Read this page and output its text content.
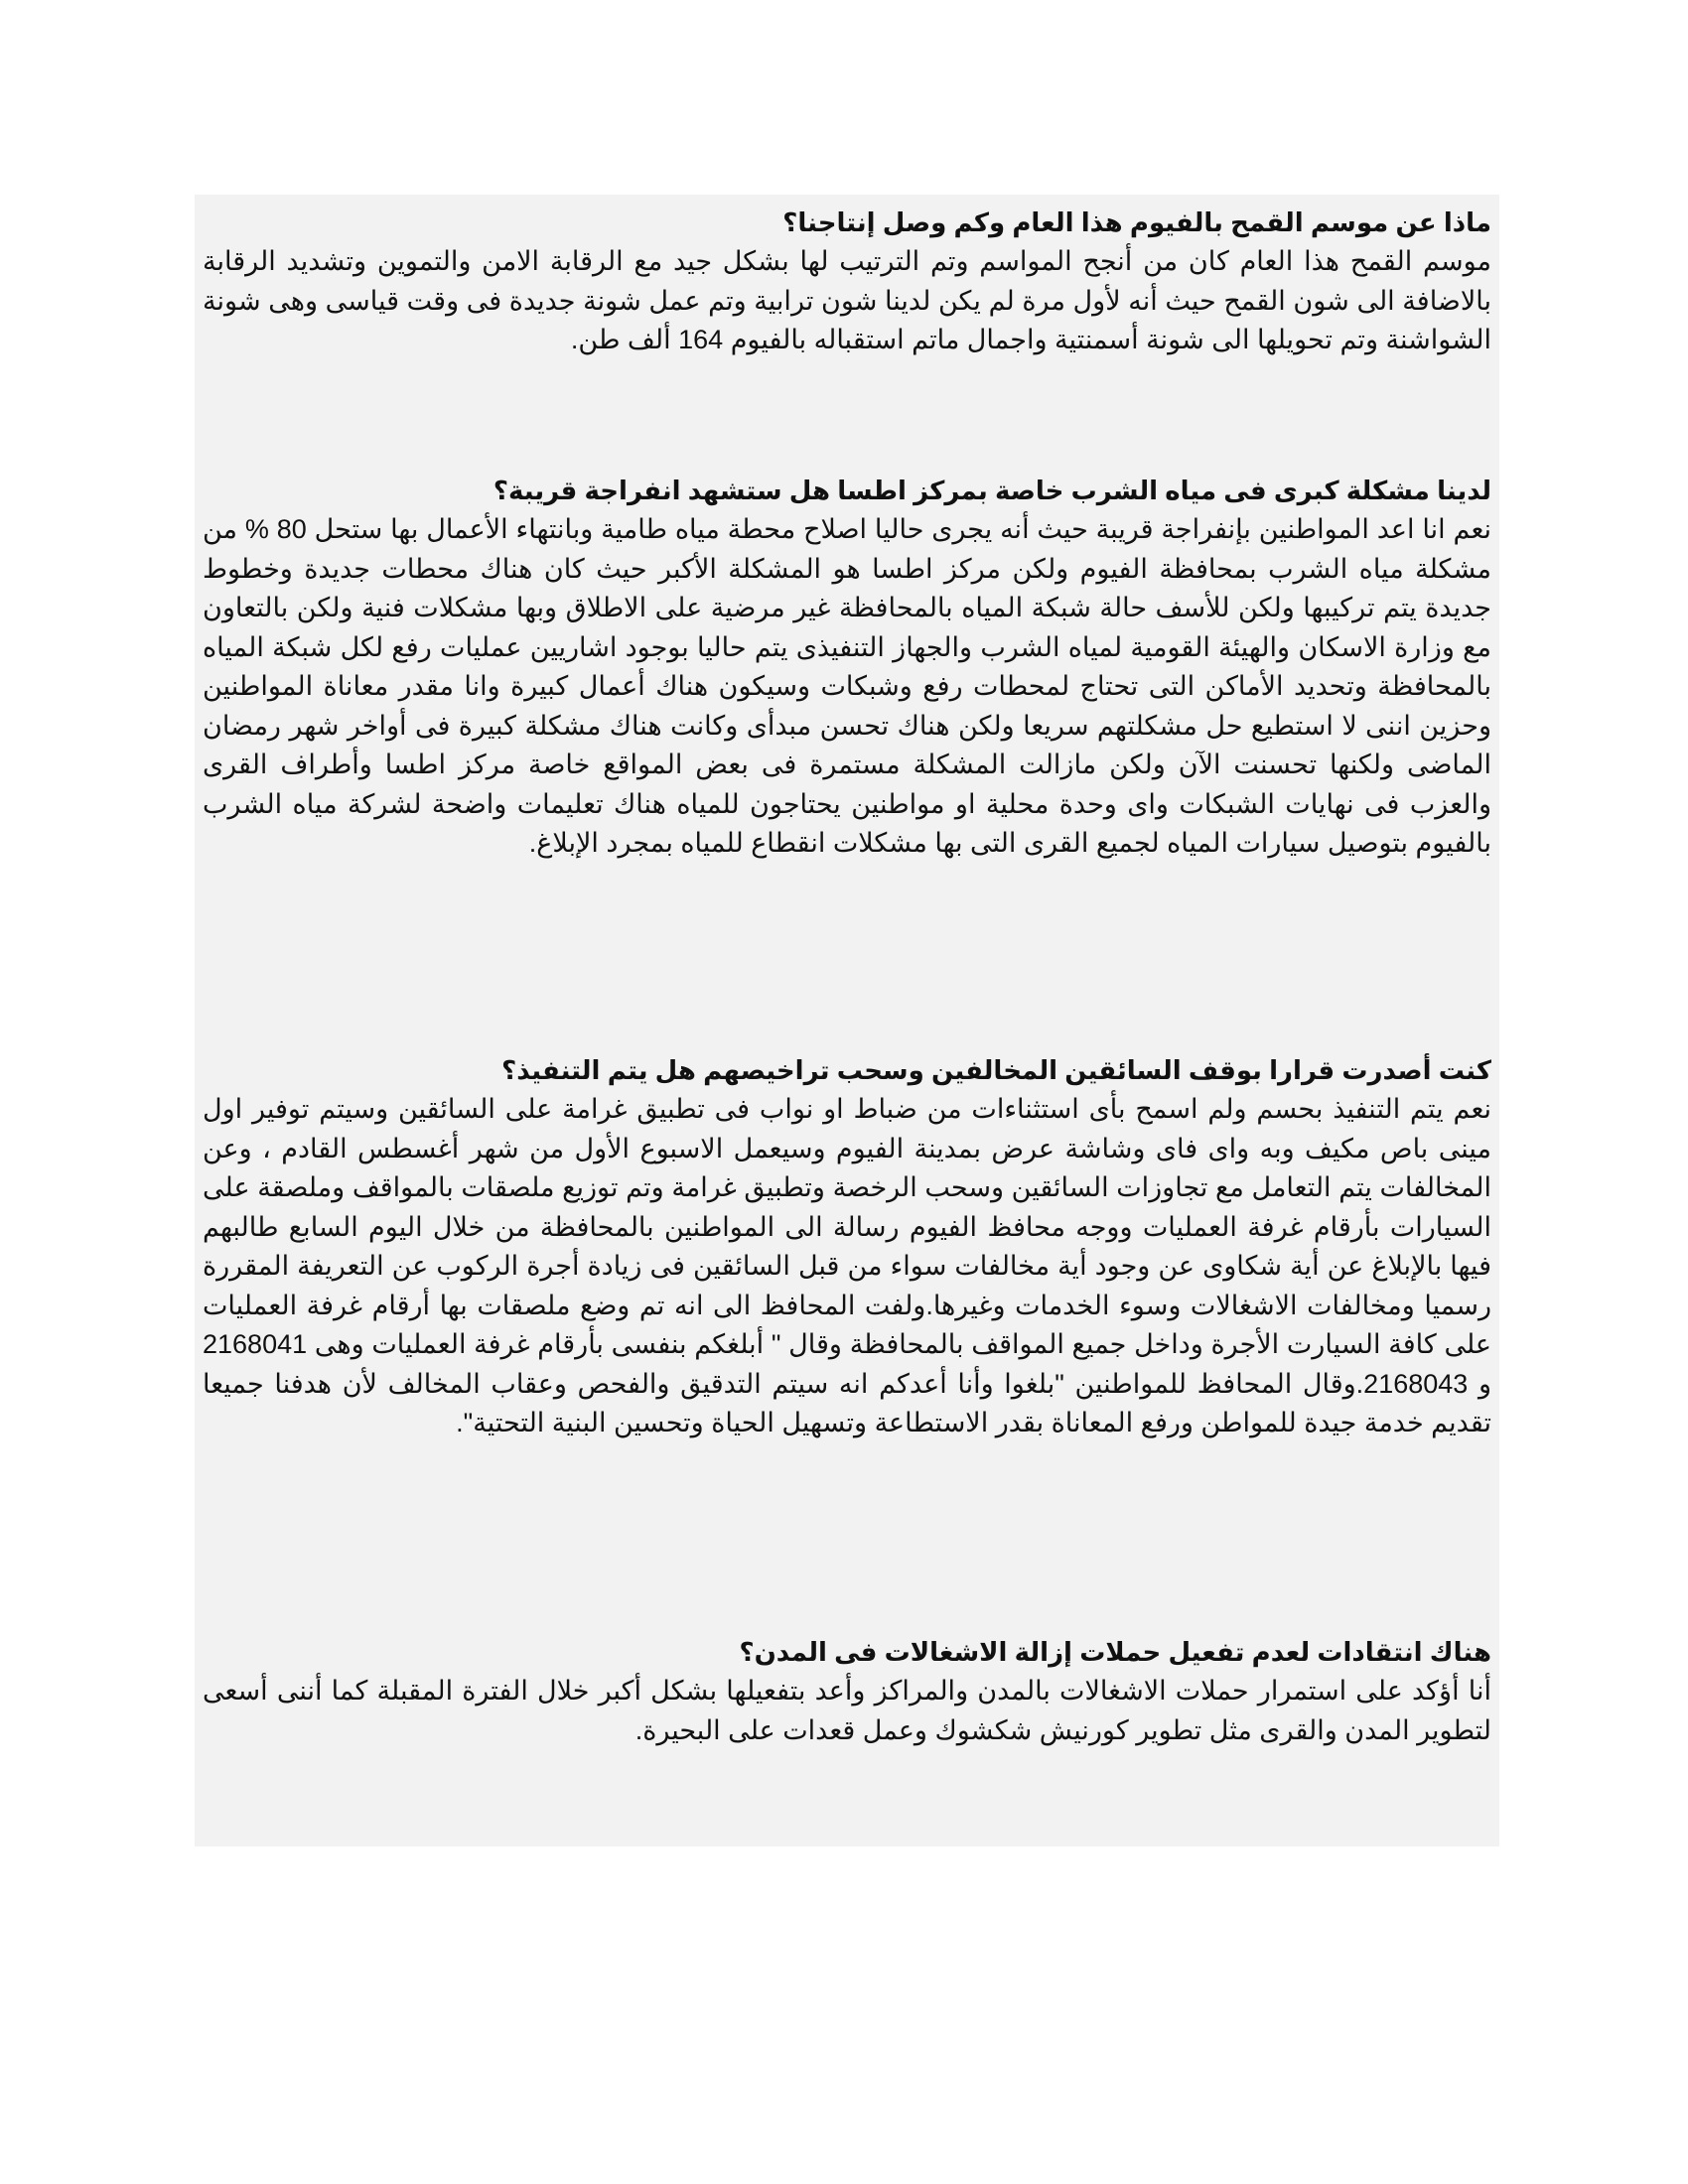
ماذا عن موسم القمح بالفيوم هذا العام وكم وصل إنتاجنا؟

موسم القمح هذا العام كان من أنجح المواسم وتم الترتيب لها بشكل جيد مع الرقابة الامن والتموين وتشديد الرقابة بالاضافة الى شون القمح حيث أنه لأول مرة لم يكن لدينا شون ترابية وتم عمل شونة جديدة فى وقت قياسى وهى شونة الشواشنة وتم تحويلها الى شونة أسمنتية واجمال ماتم استقباله بالفيوم 164 ألف طن.

لدينا مشكلة كبرى فى مياه الشرب خاصة بمركز اطسا هل ستشهد انفراجة قريبة؟

نعم انا اعد المواطنين بإنفراجة قريبة حيث أنه يجرى حاليا اصلاح محطة مياه طامية وبانتهاء الأعمال بها ستحل 80 % من مشكلة مياه الشرب بمحافظة الفيوم ولكن مركز اطسا هو المشكلة الأكبر حيث كان هناك محطات جديدة وخطوط جديدة يتم تركيبها ولكن للأسف حالة شبكة المياه بالمحافظة غير مرضية على الاطلاق وبها مشكلات فنية ولكن بالتعاون مع وزارة الاسكان والهيئة القومية لمياه الشرب والجهاز التنفيذى يتم حاليا بوجود اشاريين عمليات رفع لكل شبكة المياه بالمحافظة وتحديد الأماكن التى تحتاج لمحطات رفع وشبكات وسيكون هناك أعمال كبيرة وانا مقدر معاناة المواطنين وحزين اننى لا استطيع حل مشكلتهم سريعا ولكن هناك تحسن مبدأى وكانت هناك مشكلة كبيرة فى أواخر شهر رمضان الماضى ولكنها تحسنت الآن ولكن مازالت المشكلة مستمرة فى بعض المواقع خاصة مركز اطسا وأطراف القرى والعزب فى نهايات الشبكات واى وحدة محلية او مواطنين يحتاجون للمياه هناك تعليمات واضحة لشركة مياه الشرب بالفيوم بتوصيل سيارات المياه لجميع القرى التى بها مشكلات انقطاع للمياه بمجرد الإبلاغ.

كنت أصدرت قرارا بوقف السائقين المخالفين وسحب تراخيصهم هل يتم التنفيذ؟

نعم يتم التنفيذ بحسم ولم اسمح بأى استثناءات من ضباط او نواب فى تطبيق غرامة على السائقين وسيتم توفير اول مينى باص مكيف وبه واى فاى وشاشة عرض بمدينة الفيوم وسيعمل الاسبوع الأول من شهر أغسطس القادم ، وعن المخالفات يتم التعامل مع تجاوزات السائقين وسحب الرخصة وتطبيق غرامة وتم توزيع ملصقات بالمواقف وملصقة على السيارات بأرقام غرفة العمليات ووجه محافظ الفيوم رسالة الى المواطنين بالمحافظة من خلال اليوم السابع طالبهم فيها بالإبلاغ عن أية شكاوى عن وجود أية مخالفات سواء من قبل السائقين فى زيادة أجرة الركوب عن التعريفة المقررة رسميا ومخالفات الاشغالات وسوء الخدمات وغيرها.ولفت المحافظ الى انه تم وضع ملصقات بها أرقام غرفة العمليات على كافة السيارت الأجرة وداخل جميع المواقف بالمحافظة وقال " أبلغكم بنفسى بأرقام غرفة العمليات وهى 2168041 و 2168043.وقال المحافظ للمواطنين "بلغوا وأنا أعدكم انه سيتم التدقيق والفحص وعقاب المخالف لأن هدفنا جميعا تقديم خدمة جيدة للمواطن ورفع المعاناة بقدر الاستطاعة وتسهيل الحياة وتحسين البنية التحتية".

هناك انتقادات لعدم تفعيل حملات إزالة الاشغالات فى المدن؟

أنا أؤكد على استمرار حملات الاشغالات بالمدن والمراكز وأعد بتفعيلها بشكل أكبر خلال الفترة المقبلة كما أننى أسعى لتطوير المدن والقرى مثل تطوير كورنيش شكشوك وعمل قعدات على البحيرة.
